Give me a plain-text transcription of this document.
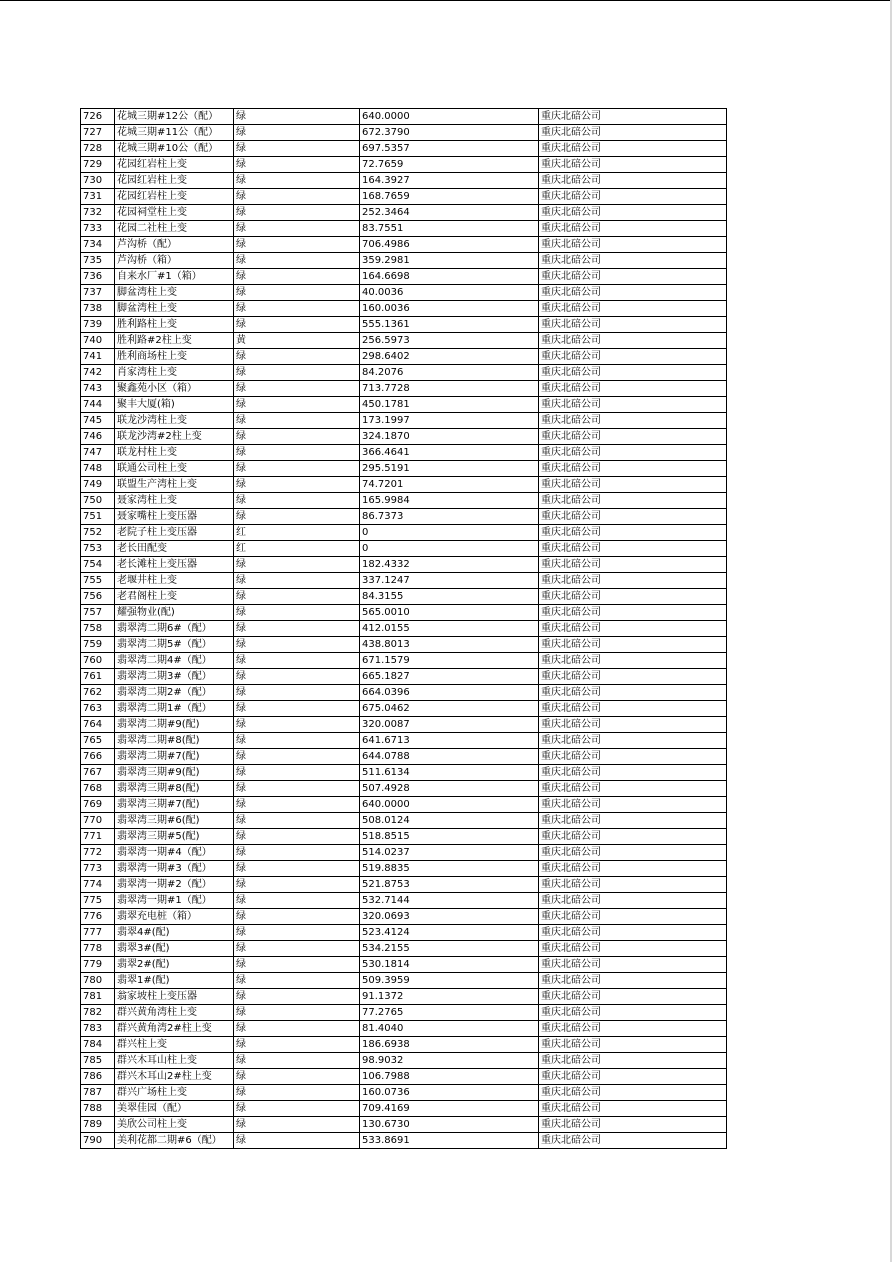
726	花城三期#12公（配）	绿	640.0000	重庆北碚公司
727	花城三期#11公（配）	绿	672.3790	重庆北碚公司
728	花城三期#10公（配）	绿	697.5357	重庆北碚公司
729	花园红岩柱上变	绿	72.7659	重庆北碚公司
730	花园红岩柱上变	绿	164.3927	重庆北碚公司
731	花园红岩柱上变	绿	168.7659	重庆北碚公司
732	花园祠堂柱上变	绿	252.3464	重庆北碚公司
733	花园二社柱上变	绿	83.7551	重庆北碚公司
734	芦沟桥（配）	绿	706.4986	重庆北碚公司
735	芦沟桥（箱）	绿	359.2981	重庆北碚公司
736	自来水厂#1（箱）	绿	164.6698	重庆北碚公司
737	脚盆湾柱上变	绿	40.0036	重庆北碚公司
738	脚盆湾柱上变	绿	160.0036	重庆北碚公司
739	胜利路柱上变	绿	555.1361	重庆北碚公司
740	胜利路#2柱上变	黄	256.5973	重庆北碚公司
741	胜利商场柱上变	绿	298.6402	重庆北碚公司
742	肖家湾柱上变	绿	84.2076	重庆北碚公司
743	聚鑫苑小区（箱）	绿	713.7728	重庆北碚公司
744	聚丰大厦(箱)	绿	450.1781	重庆北碚公司
745	联龙沙湾柱上变	绿	173.1997	重庆北碚公司
746	联龙沙湾#2柱上变	绿	324.1870	重庆北碚公司
747	联龙村柱上变	绿	366.4641	重庆北碚公司
748	联通公司柱上变	绿	295.5191	重庆北碚公司
749	联盟生产湾柱上变	绿	74.7201	重庆北碚公司
750	聂家湾柱上变	绿	165.9984	重庆北碚公司
751	聂家嘴柱上变压器	绿	86.7373	重庆北碚公司
752	老院子柱上变压器	红	0	重庆北碚公司
753	老长田配变	红	0	重庆北碚公司
754	老长滩柱上变压器	绿	182.4332	重庆北碚公司
755	老堰井柱上变	绿	337.1247	重庆北碚公司
756	老君阁柱上变	绿	84.3155	重庆北碚公司
757	耀强物业(配)	绿	565.0010	重庆北碚公司
758	翡翠湾二期6#（配）	绿	412.0155	重庆北碚公司
759	翡翠湾二期5#（配）	绿	438.8013	重庆北碚公司
760	翡翠湾二期4#（配）	绿	671.1579	重庆北碚公司
761	翡翠湾二期3#（配）	绿	665.1827	重庆北碚公司
762	翡翠湾二期2#（配）	绿	664.0396	重庆北碚公司
763	翡翠湾二期1#（配）	绿	675.0462	重庆北碚公司
764	翡翠湾二期#9(配)	绿	320.0087	重庆北碚公司
765	翡翠湾二期#8(配)	绿	641.6713	重庆北碚公司
766	翡翠湾二期#7(配)	绿	644.0788	重庆北碚公司
767	翡翠湾三期#9(配)	绿	511.6134	重庆北碚公司
768	翡翠湾三期#8(配)	绿	507.4928	重庆北碚公司
769	翡翠湾三期#7(配)	绿	640.0000	重庆北碚公司
770	翡翠湾三期#6(配)	绿	508.0124	重庆北碚公司
771	翡翠湾三期#5(配)	绿	518.8515	重庆北碚公司
772	翡翠湾一期#4（配）	绿	514.0237	重庆北碚公司
773	翡翠湾一期#3（配）	绿	519.8835	重庆北碚公司
774	翡翠湾一期#2（配）	绿	521.8753	重庆北碚公司
775	翡翠湾一期#1（配）	绿	532.7144	重庆北碚公司
776	翡翠充电桩（箱）	绿	320.0693	重庆北碚公司
777	翡翠4#(配)	绿	523.4124	重庆北碚公司
778	翡翠3#(配)	绿	534.2155	重庆北碚公司
779	翡翠2#(配)	绿	530.1814	重庆北碚公司
780	翡翠1#(配)	绿	509.3959	重庆北碚公司
781	翁家坡柱上变压器	绿	91.1372	重庆北碚公司
782	群兴黄角湾柱上变	绿	77.2765	重庆北碚公司
783	群兴黄角湾2#柱上变	绿	81.4040	重庆北碚公司
784	群兴柱上变	绿	186.6938	重庆北碚公司
785	群兴木耳山柱上变	绿	98.9032	重庆北碚公司
786	群兴木耳山2#柱上变	绿	106.7988	重庆北碚公司
787	群兴广场柱上变	绿	160.0736	重庆北碚公司
788	美翠佳园（配）	绿	709.4169	重庆北碚公司
789	美欣公司柱上变	绿	130.6730	重庆北碚公司
790	美利花都二期#6（配）	绿	533.8691	重庆北碚公司
